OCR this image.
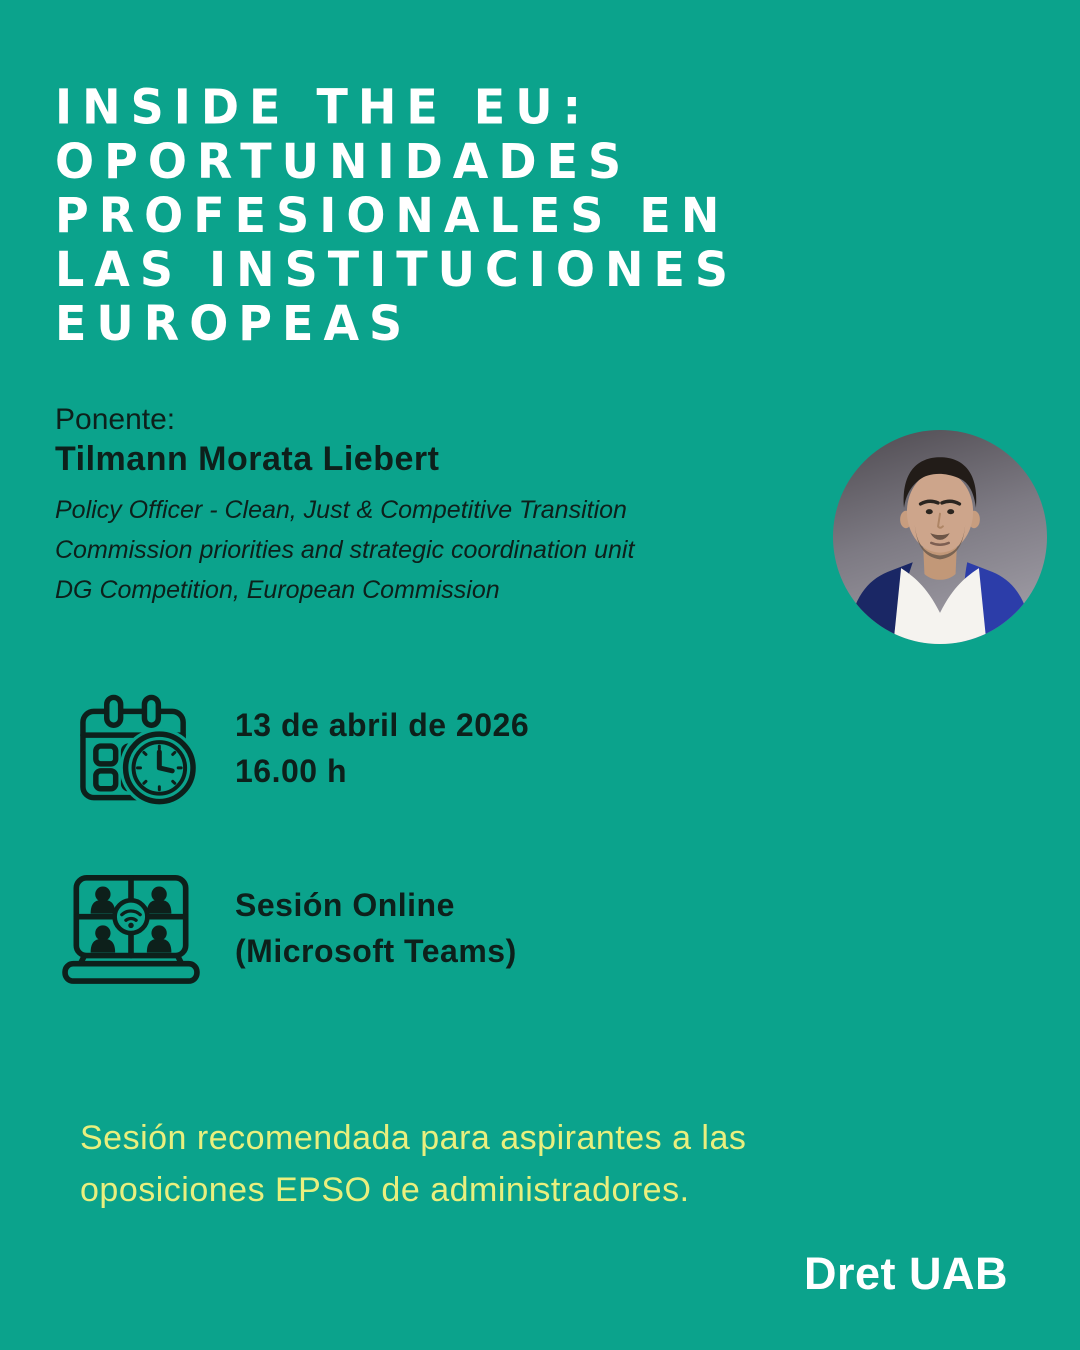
INSIDE THE EU:
OPORTUNIDADES
PROFESIONALES EN
LAS INSTITUCIONES
EUROPEAS
Ponente:
Tilmann Morata Liebert
Policy Officer - Clean, Just & Competitive Transition
Commission priorities and strategic coordination unit
DG Competition, European Commission
13 de abril de 2026
16.00 h
Sesión Online
(Microsoft Teams)
Sesión recomendada para aspirantes a las
oposiciones EPSO de administradores.
Dret UAB
